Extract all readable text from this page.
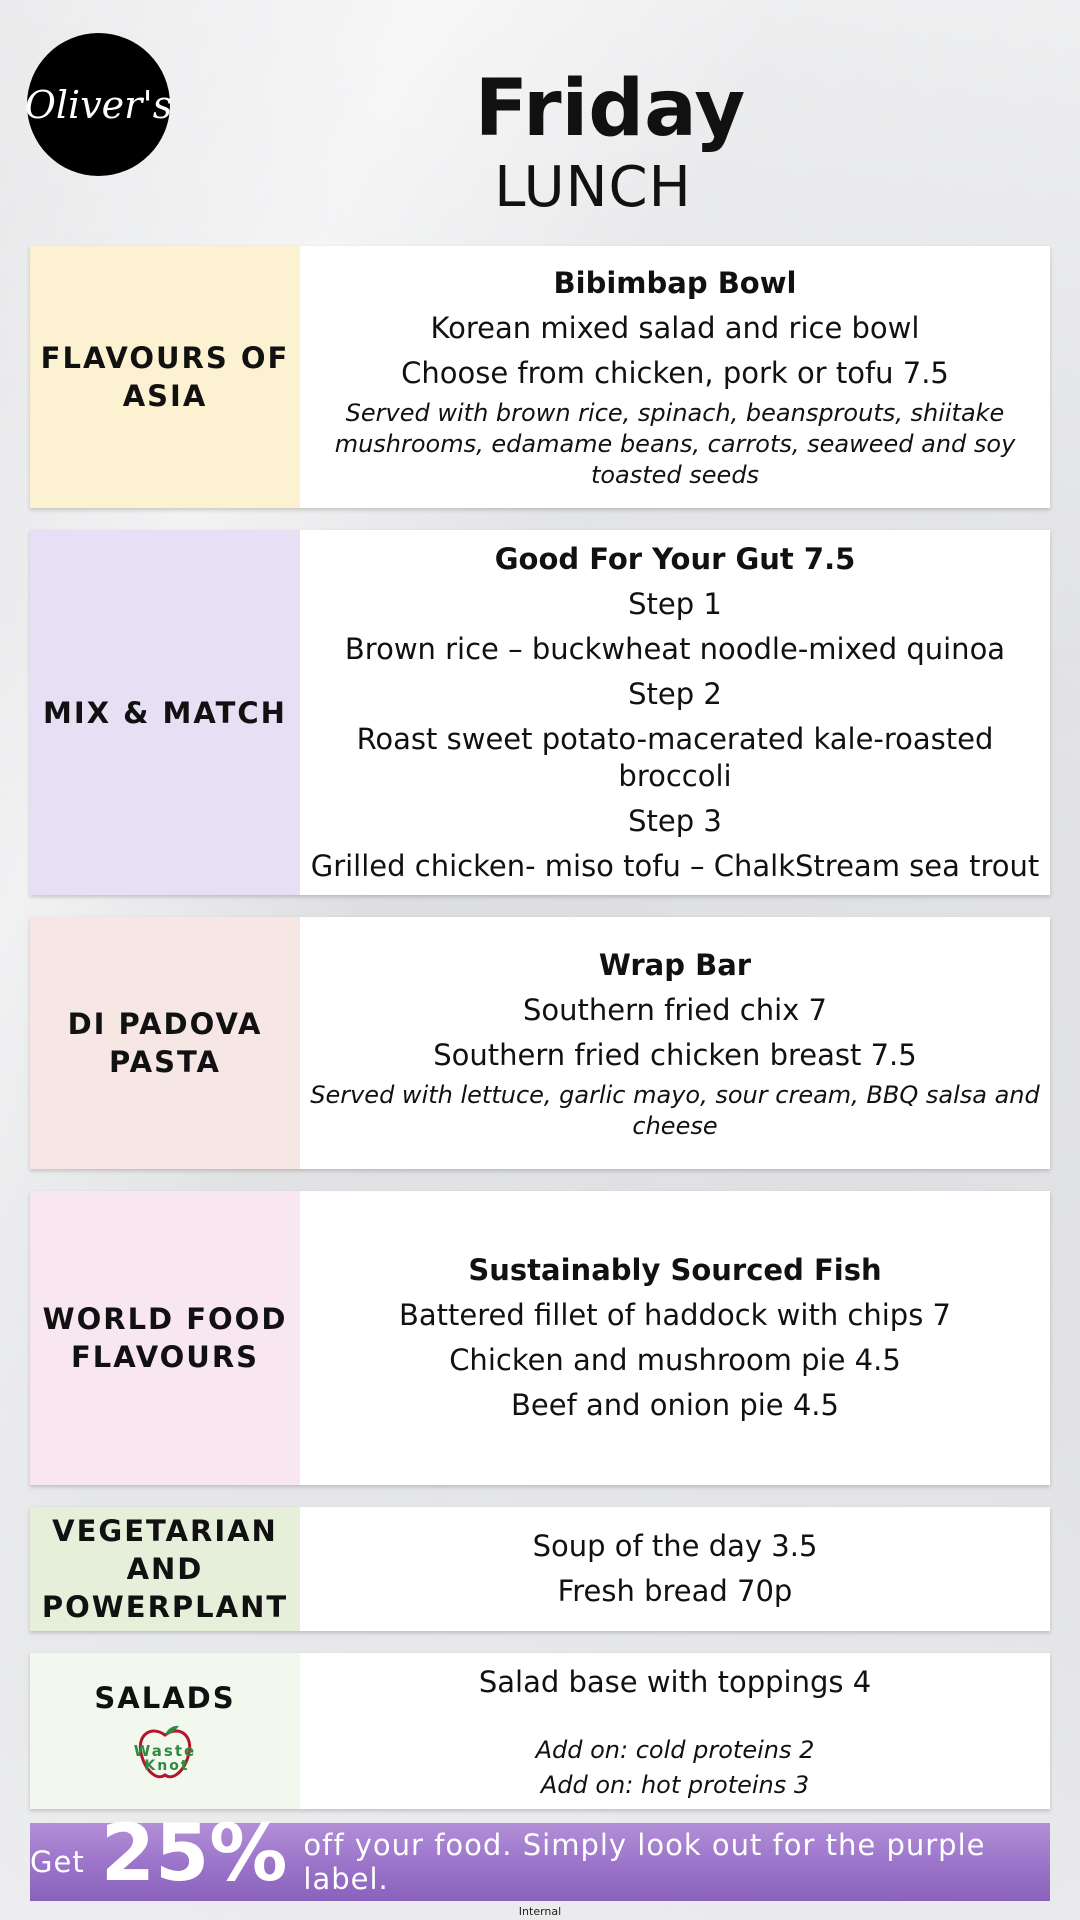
Oliver's	Friday
LUNCH
FLAVOURS OF ASIA
Bibimbap Bowl
Korean mixed salad and rice bowl
Choose from chicken, pork or tofu 7.5
Served with brown rice, spinach, beansprouts, shiitake mushrooms, edamame beans, carrots, seaweed and soy toasted seeds
MIX & MATCH
Good For Your Gut 7.5
Step 1
Brown rice – buckwheat noodle-mixed quinoa
Step 2
Roast sweet potato-macerated kale-roasted broccoli
Step 3
Grilled chicken- miso tofu – ChalkStream sea trout
DI PADOVA PASTA
Wrap Bar
Southern fried chix 7
Southern fried chicken breast 7.5
Served with lettuce, garlic mayo, sour cream, BBQ salsa and cheese
WORLD FOOD FLAVOURS
Sustainably Sourced Fish
Battered fillet of haddock with chips 7
Chicken and mushroom pie 4.5
Beef and onion pie 4.5
VEGETARIAN AND POWERPLANT
Soup of the day 3.5
Fresh bread 70p
SALADS
Waste
Knot
Salad base with toppings 4
Add on: cold proteins 2
Add on: hot proteins 3
Get 25% off your food. Simply look out for the purple label.
Internal
